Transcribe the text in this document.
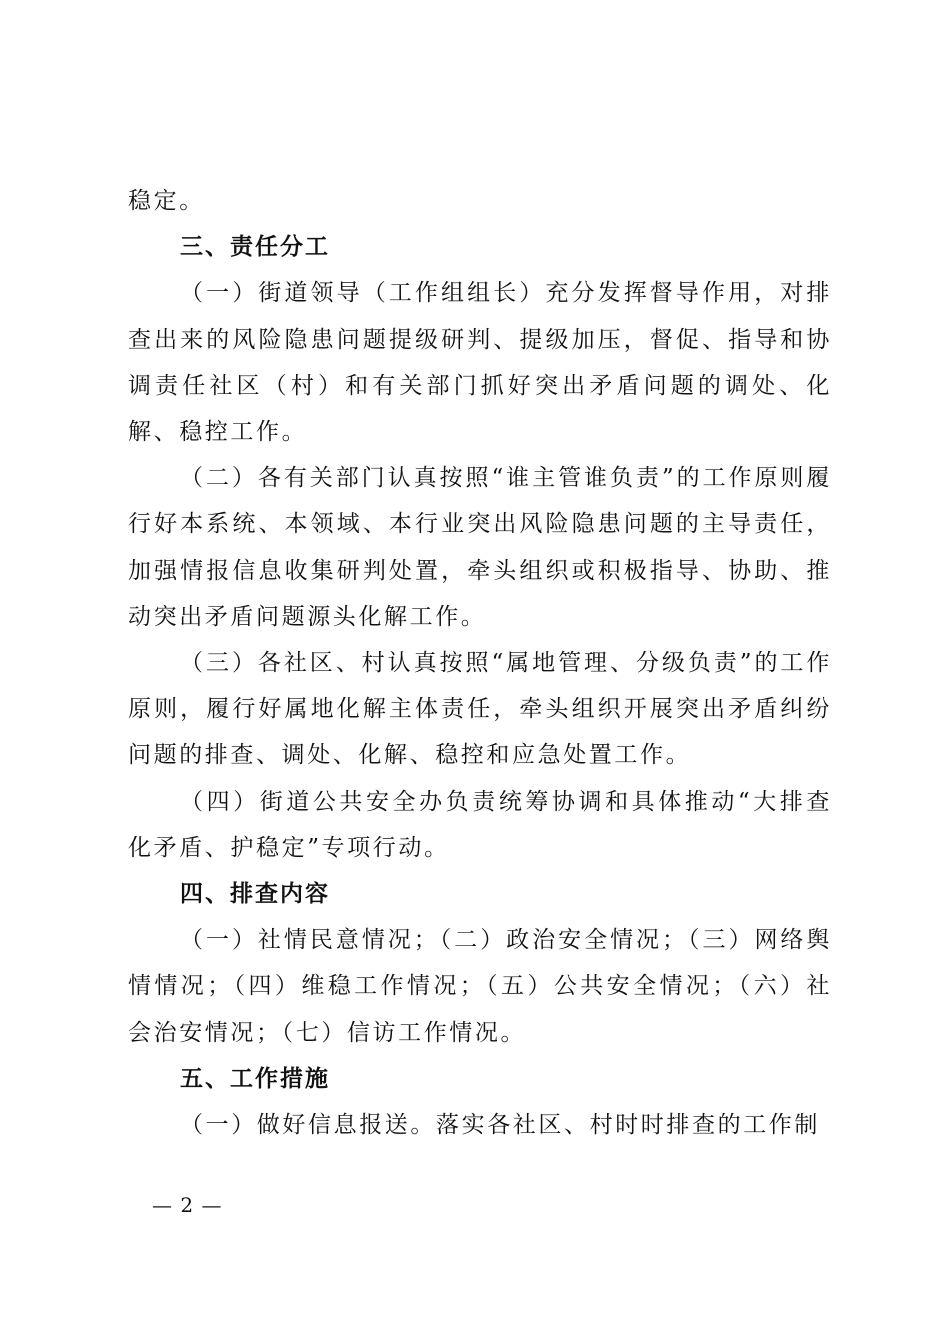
稳定。

三、责任分工

（一）街道领导（工作组组长）充分发挥督导作用，对排查出来的风险隐患问题提级研判、提级加压，督促、指导和协调责任社区（村）和有关部门抓好突出矛盾问题的调处、化解、稳控工作。

（二）各有关部门认真按照“谁主管谁负责”的工作原则履行好本系统、本领域、本行业突出风险隐患问题的主导责任，加强情报信息收集研判处置，牵头组织或积极指导、协助、推动突出矛盾问题源头化解工作。

（三）各社区、村认真按照“属地管理、分级负责”的工作原则，履行好属地化解主体责任，牵头组织开展突出矛盾纠纷问题的排查、调处、化解、稳控和应急处置工作。

（四）街道公共安全办负责统筹协调和具体推动“大排查化矛盾、护稳定”专项行动。

四、排查内容

（一）社情民意情况；（二）政治安全情况；（三）网络舆情情况；（四）维稳工作情况；（五）公共安全情况；（六）社会治安情况；（七）信访工作情况。

五、工作措施

（一）做好信息报送。落实各社区、村时时排查的工作制

— 2 —
